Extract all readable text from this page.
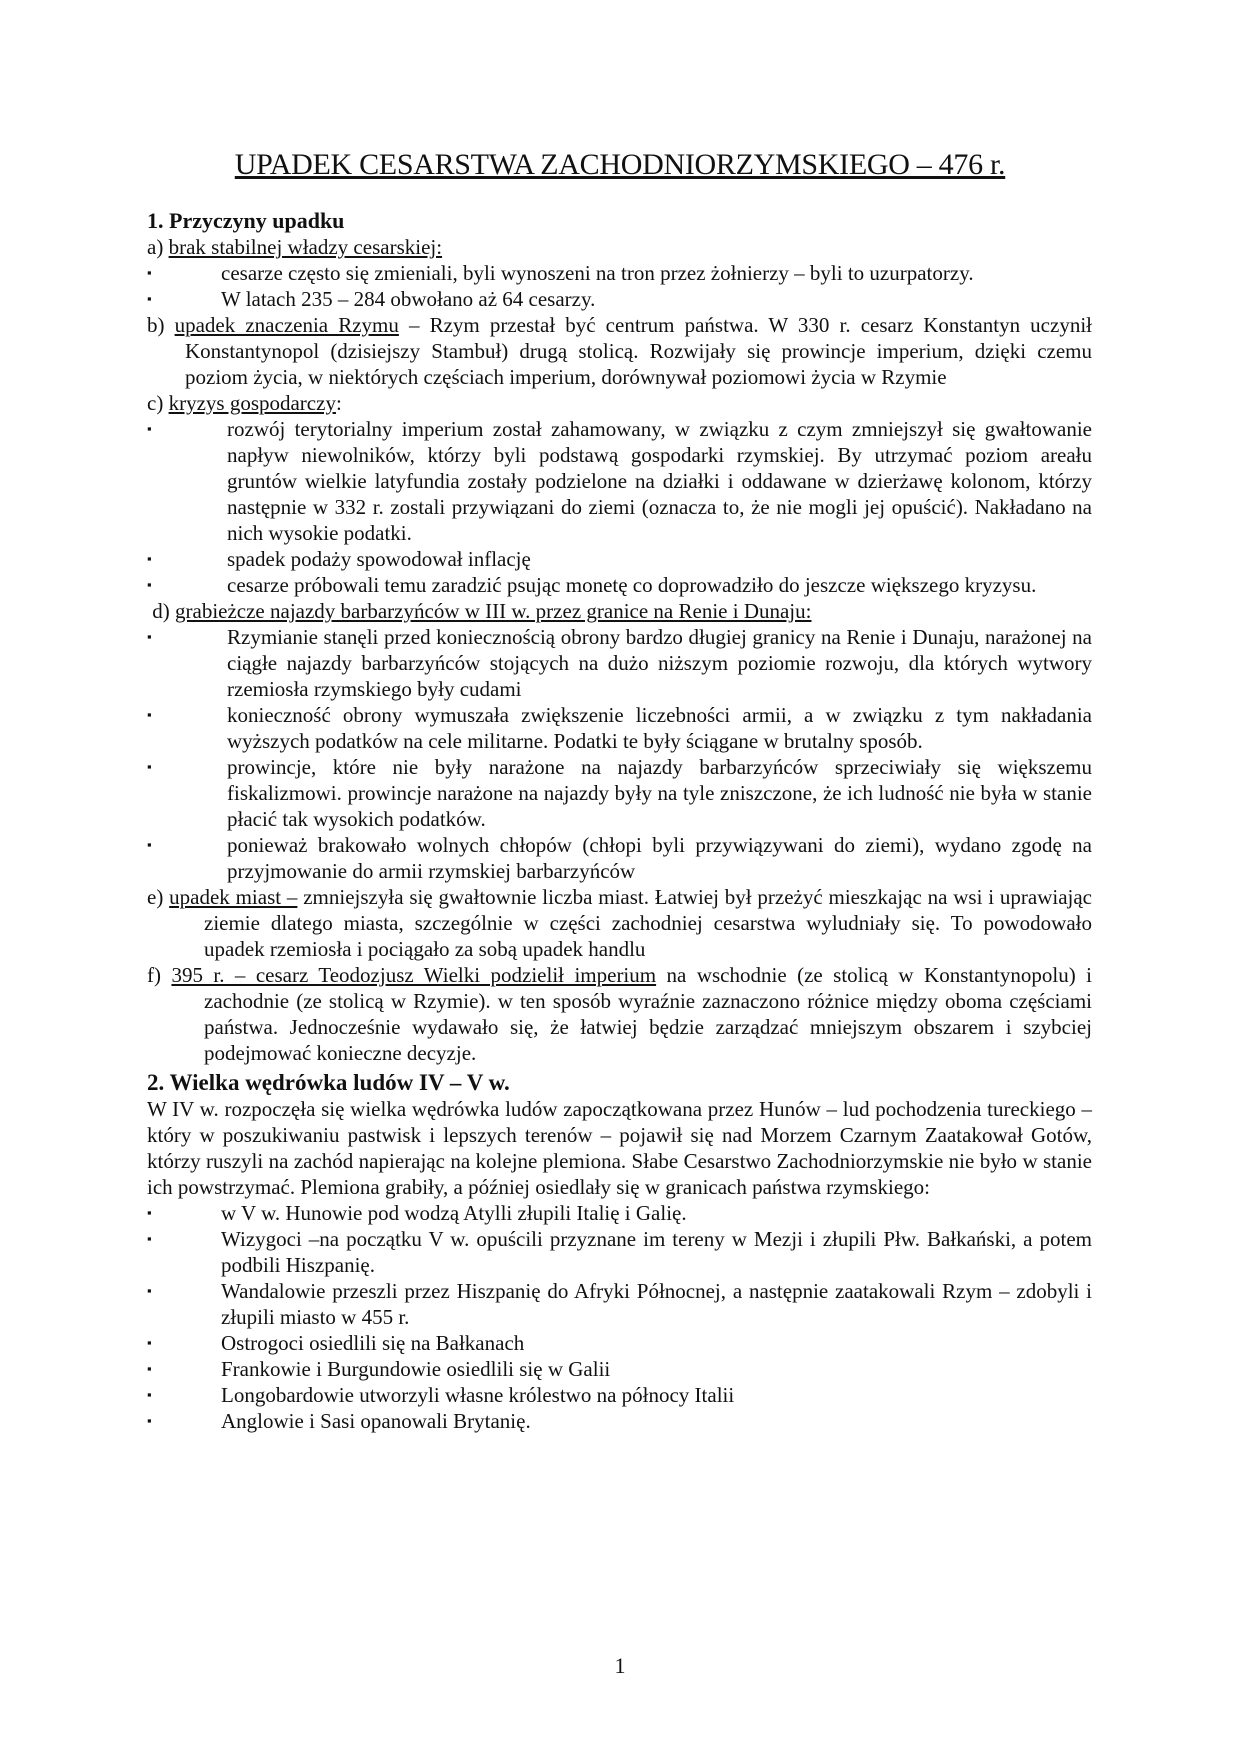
UPADEK CESARSTWA ZACHODNIORZYMSKIEGO – 476 r.
1. Przyczyny upadku
a) brak stabilnej władzy cesarskiej:
▪	cesarze często się zmieniali, byli wynoszeni na tron przez żołnierzy – byli to uzurpatorzy.
▪	W latach 235 – 284 obwołano aż 64 cesarzy.
b) upadek znaczenia Rzymu – Rzym przestał być centrum państwa. W 330 r. cesarz Konstantyn uczynił Konstantynopol (dzisiejszy Stambuł) drugą stolicą. Rozwijały się prowincje imperium, dzięki czemu poziom życia, w niektórych częściach imperium, dorównywał poziomowi życia w Rzymie
c) kryzys gospodarczy:
▪	rozwój terytorialny imperium został zahamowany, w związku z czym zmniejszył się gwałtowanie napływ niewolników, którzy byli podstawą gospodarki rzymskiej. By utrzymać poziom areału gruntów wielkie latyfundia zostały podzielone na działki i oddawane w dzierżawę kolonom, którzy następnie w 332 r. zostali przywiązani do ziemi (oznacza to, że nie mogli jej opuścić). Nakładano na nich wysokie podatki.
▪	spadek podaży spowodował inflację
▪	cesarze próbowali temu zaradzić psując monetę co doprowadziło do jeszcze większego kryzysu.
d) grabieżcze najazdy barbarzyńców w III w. przez granice na Renie i Dunaju:
▪	Rzymianie stanęli przed koniecznością obrony bardzo długiej granicy na Renie i Dunaju, narażonej na ciągłe najazdy barbarzyńców stojących na dużo niższym poziomie rozwoju, dla których wytwory rzemiosła rzymskiego były cudami
▪	konieczność obrony wymuszała zwiększenie liczebności armii, a w związku z tym nakładania wyższych podatków na cele militarne. Podatki te były ściągane w brutalny sposób.
▪	prowincje, które nie były narażone na najazdy barbarzyńców sprzeciwiały się większemu fiskalizmowi. prowincje narażone na najazdy były na tyle zniszczone, że ich ludność nie była w stanie płacić tak wysokich podatków.
▪	ponieważ brakowało wolnych chłopów (chłopi byli przywiązywani do ziemi), wydano zgodę na przyjmowanie do armii rzymskiej barbarzyńców
e) upadek miast – zmniejszyła się gwałtownie liczba miast. Łatwiej był przeżyć mieszkając na wsi i uprawiając ziemie dlatego miasta, szczególnie w części zachodniej cesarstwa wyludniały się. To powodowało upadek rzemiosła i pociągało za sobą upadek handlu
f) 395 r. – cesarz Teodozjusz Wielki podzielił imperium na wschodnie (ze stolicą w Konstantynopolu) i zachodnie (ze stolicą w Rzymie). w ten sposób wyraźnie zaznaczono różnice między oboma częściami państwa. Jednocześnie wydawało się, że łatwiej będzie zarządzać mniejszym obszarem i szybciej podejmować konieczne decyzje.
2. Wielka wędrówka ludów IV – V w.
W IV w. rozpoczęła się wielka wędrówka ludów zapoczątkowana przez Hunów – lud pochodzenia tureckiego – który w poszukiwaniu pastwisk i lepszych terenów – pojawił się nad Morzem Czarnym Zaatakował Gotów, którzy ruszyli na zachód napierając na kolejne plemiona. Słabe Cesarstwo Zachodniorzymskie nie było w stanie ich powstrzymać. Plemiona grabiły, a później osiedlały się w granicach państwa rzymskiego:
▪	w V w. Hunowie pod wodzą Atylli złupili Italię i Galię.
▪	Wizygoci –na początku V w. opuścili przyznane im tereny w Mezji i złupili Płw. Bałkański, a potem podbili Hiszpanię.
▪	Wandalowie przeszli przez Hiszpanię do Afryki Północnej, a następnie zaatakowali Rzym – zdobyli i złupili miasto w 455 r.
▪	Ostrogoci osiedlili się na Bałkanach
▪	Frankowie i Burgundowie osiedlili się w Galii
▪	Longobardowie utworzyli własne królestwo na północy Italii
▪	Anglowie i Sasi opanowali Brytanię.
1
